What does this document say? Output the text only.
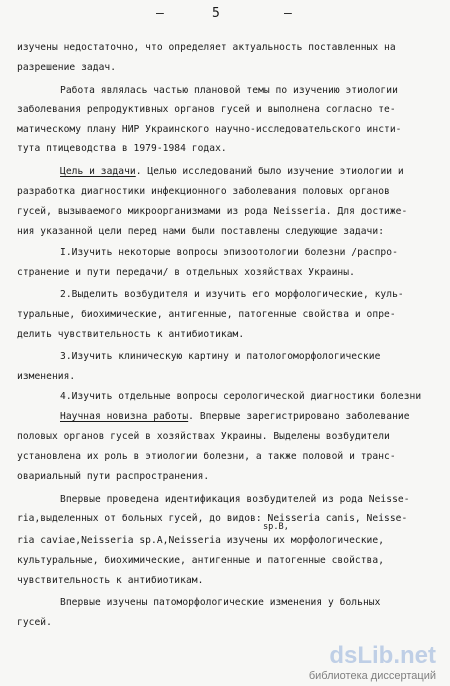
—	5	—
изучены недостаточно, что определяет актуальность поставленных на
разрешение задач.
Работа являлась частью плановой темы по изучению этиологии
заболевания репродуктивных органов гусей и выполнена согласно те-
матическому плану НИР Украинского научно-исследовательского инсти-
тута птицеводства в 1979-1984 годах.
Цель и задачи. Целью исследований было изучение этиологии и
разработка диагностики инфекционного заболевания половых органов
гусей, вызываемого микроорганизмами из рода Neisseria. Для достиже-
ния указанной цели перед нами были поставлены следующие задачи:
I.Изучить некоторые вопросы эпизоотологии болезни /распро-
странение и пути передачи/ в отдельных хозяйствах Украины.
2.Выделить возбудителя и изучить его морфологические, куль-
туральные, биохимические, антигенные, патогенные свойства и опре-
делить чувствительность к антибиотикам.
3.Изучить клиническую картину и патологоморфологические
изменения.
4.Изучить отдельные вопросы серологической диагностики болезни
Научная новизна работы. Впервые зарегистрировано заболевание
половых органов гусей в хозяйствах Украины. Выделены возбудители
установлена их роль в этиологии болезни, а также половой и транс-
овариальный пути распространения.
Впервые проведена идентификация возбудителей из рода Neisse-
ria,выделенных от больных гусей, до видов: Neisseria canis, Neisse-
sp.B,
ria caviae,Neisseria sp.A,Neisseria изучены их морфологические,
культуральные, биохимические, антигенные и патогенные свойства,
чувствительность к антибиотикам.
Впервые изучены патоморфологические изменения у больных
гусей.
dsLib.net
библиотека диссертаций
